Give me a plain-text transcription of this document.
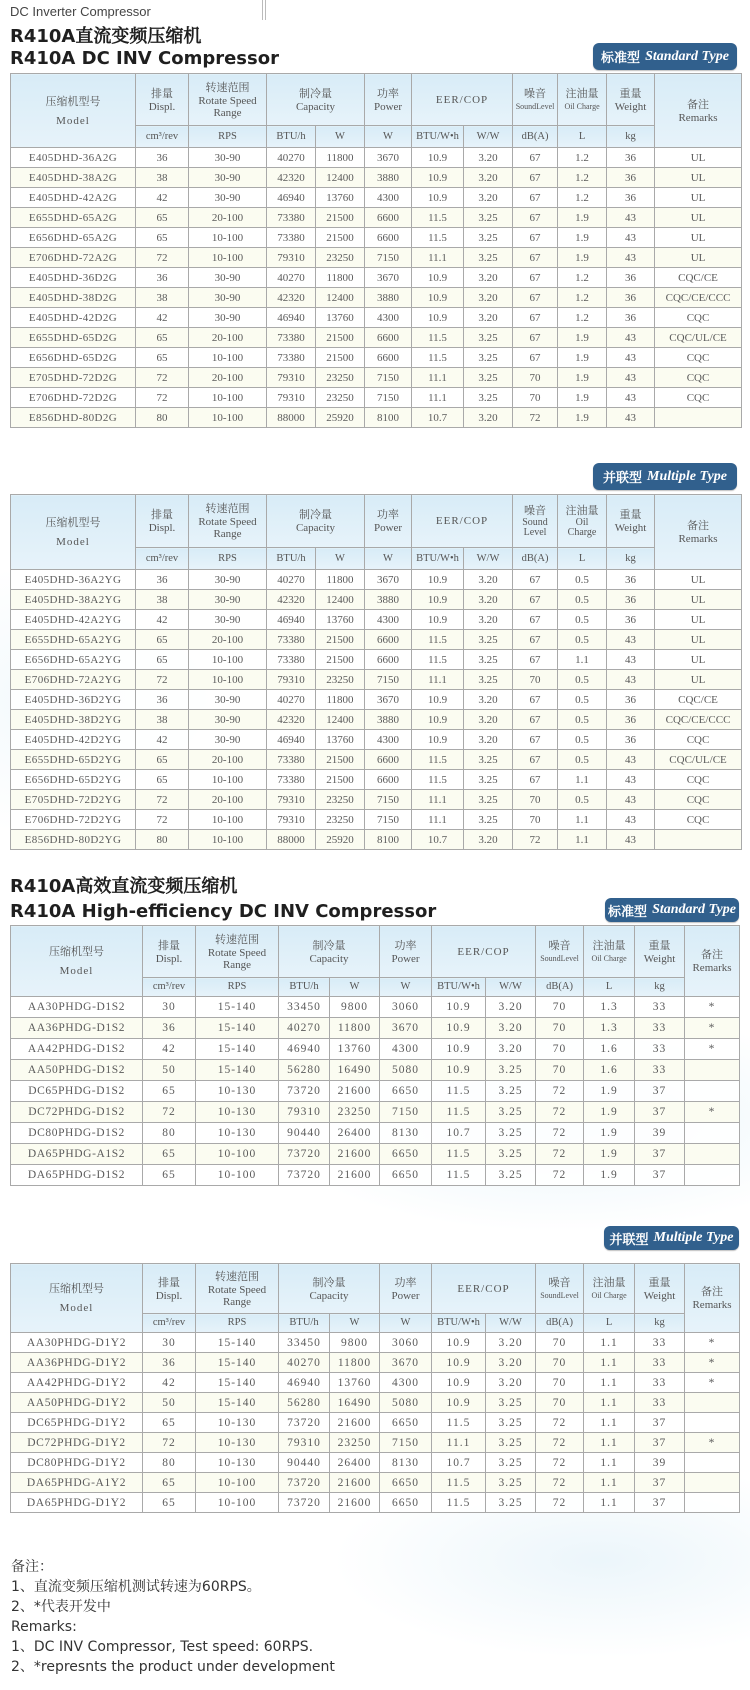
DC Inverter Compressor
R410A直流变频压缩机
R410A DC INV Compressor	标准型 Standard Type
压缩机型号
Model	排量
Displ.	转速范围
Rotate Speed Range	制冷量
Capacity		功率
Power	EER/COP		噪音
SoundLevel	注油量
Oil Charge	重量
Weight	备注
Remarks

	cm³/rev	RPS	BTU/h	W	W	BTU/W•h	W/W	dB(A)	L	kg	
E405DHD-36A2G	36	30-90	40270	11800	3670	10.9	3.20	67	1.2	36	UL
E405DHD-38A2G	38	30-90	42320	12400	3880	10.9	3.20	67	1.2	36	UL
E405DHD-42A2G	42	30-90	46940	13760	4300	10.9	3.20	67	1.2	36	UL
E655DHD-65A2G	65	20-100	73380	21500	6600	11.5	3.25	67	1.9	43	UL
E656DHD-65A2G	65	10-100	73380	21500	6600	11.5	3.25	67	1.9	43	UL
E706DHD-72A2G	72	10-100	79310	23250	7150	11.1	3.25	67	1.9	43	UL
E405DHD-36D2G	36	30-90	40270	11800	3670	10.9	3.20	67	1.2	36	CQC/CE
E405DHD-38D2G	38	30-90	42320	12400	3880	10.9	3.20	67	1.2	36	CQC/CE/CCC
E405DHD-42D2G	42	30-90	46940	13760	4300	10.9	3.20	67	1.2	36	CQC
E655DHD-65D2G	65	20-100	73380	21500	6600	11.5	3.25	67	1.9	43	CQC/UL/CE
E656DHD-65D2G	65	10-100	73380	21500	6600	11.5	3.25	67	1.9	43	CQC
E705DHD-72D2G	72	20-100	79310	23250	7150	11.1	3.25	70	1.9	43	CQC
E706DHD-72D2G	72	10-100	79310	23250	7150	11.1	3.25	70	1.9	43	CQC
E856DHD-80D2G	80	10-100	88000	25920	8100	10.7	3.20	72	1.9	43	
并联型 Multiple Type
压缩机型号
Model	排量
Displ.	转速范围
Rotate Speed Range	制冷量
Capacity		功率
Power	EER/COP		噪音
Sound Level	注油量
Oil Charge	重量
Weight	备注
Remarks

	cm³/rev	RPS	BTU/h	W	W	BTU/W•h	W/W	dB(A)	L	kg	
E405DHD-36A2YG	36	30-90	40270	11800	3670	10.9	3.20	67	0.5	36	UL
E405DHD-38A2YG	38	30-90	42320	12400	3880	10.9	3.20	67	0.5	36	UL
E405DHD-42A2YG	42	30-90	46940	13760	4300	10.9	3.20	67	0.5	36	UL
E655DHD-65A2YG	65	20-100	73380	21500	6600	11.5	3.25	67	0.5	43	UL
E656DHD-65A2YG	65	10-100	73380	21500	6600	11.5	3.25	67	1.1	43	UL
E706DHD-72A2YG	72	10-100	79310	23250	7150	11.1	3.25	70	0.5	43	UL
E405DHD-36D2YG	36	30-90	40270	11800	3670	10.9	3.20	67	0.5	36	CQC/CE
E405DHD-38D2YG	38	30-90	42320	12400	3880	10.9	3.20	67	0.5	36	CQC/CE/CCC
E405DHD-42D2YG	42	30-90	46940	13760	4300	10.9	3.20	67	0.5	36	CQC
E655DHD-65D2YG	65	20-100	73380	21500	6600	11.5	3.25	67	0.5	43	CQC/UL/CE
E656DHD-65D2YG	65	10-100	73380	21500	6600	11.5	3.25	67	1.1	43	CQC
E705DHD-72D2YG	72	20-100	79310	23250	7150	11.1	3.25	70	0.5	43	CQC
E706DHD-72D2YG	72	10-100	79310	23250	7150	11.1	3.25	70	1.1	43	CQC
E856DHD-80D2YG	80	10-100	88000	25920	8100	10.7	3.20	72	1.1	43	
R410A高效直流变频压缩机
R410A High-efficiency DC INV Compressor	标准型 Standard Type
压缩机型号
Model	排量
Displ.	转速范围
Rotate Speed Range	制冷量
Capacity		功率
Power	EER/COP		噪音
SoundLevel	注油量
Oil Charge	重量
Weight	备注
Remarks

	cm³/rev	RPS	BTU/h	W	W	BTU/W•h	W/W	dB(A)	L	kg	
AA30PHDG-D1S2	30	15-140	33450	9800	3060	10.9	3.20	70	1.3	33	*
AA36PHDG-D1S2	36	15-140	40270	11800	3670	10.9	3.20	70	1.3	33	*
AA42PHDG-D1S2	42	15-140	46940	13760	4300	10.9	3.20	70	1.6	33	*
AA50PHDG-D1S2	50	15-140	56280	16490	5080	10.9	3.25	70	1.6	33	
DC65PHDG-D1S2	65	10-130	73720	21600	6650	11.5	3.25	72	1.9	37	
DC72PHDG-D1S2	72	10-130	79310	23250	7150	11.5	3.25	72	1.9	37	*
DC80PHDG-D1S2	80	10-130	90440	26400	8130	10.7	3.25	72	1.9	39	
DA65PHDG-A1S2	65	10-100	73720	21600	6650	11.5	3.25	72	1.9	37	
DA65PHDG-D1S2	65	10-100	73720	21600	6650	11.5	3.25	72	1.9	37	
并联型 Multiple Type
压缩机型号
Model	排量
Displ.	转速范围
Rotate Speed Range	制冷量
Capacity		功率
Power	EER/COP		噪音
SoundLevel	注油量
Oil Charge	重量
Weight	备注
Remarks

	cm³/rev	RPS	BTU/h	W	W	BTU/W•h	W/W	dB(A)	L	kg	
AA30PHDG-D1Y2	30	15-140	33450	9800	3060	10.9	3.20	70	1.1	33	*
AA36PHDG-D1Y2	36	15-140	40270	11800	3670	10.9	3.20	70	1.1	33	*
AA42PHDG-D1Y2	42	15-140	46940	13760	4300	10.9	3.20	70	1.1	33	*
AA50PHDG-D1Y2	50	15-140	56280	16490	5080	10.9	3.25	70	1.1	33	
DC65PHDG-D1Y2	65	10-130	73720	21600	6650	11.5	3.25	72	1.1	37	
DC72PHDG-D1Y2	72	10-130	79310	23250	7150	11.1	3.25	72	1.1	37	*
DC80PHDG-D1Y2	80	10-130	90440	26400	8130	10.7	3.25	72	1.1	39	
DA65PHDG-A1Y2	65	10-100	73720	21600	6650	11.5	3.25	72	1.1	37	
DA65PHDG-D1Y2	65	10-100	73720	21600	6650	11.5	3.25	72	1.1	37	
备注：
1、直流变频压缩机测试转速为60RPS。
2、*代表开发中
Remarks:
1、DC INV Compressor, Test speed: 60RPS.
2、*represnts the product under development
